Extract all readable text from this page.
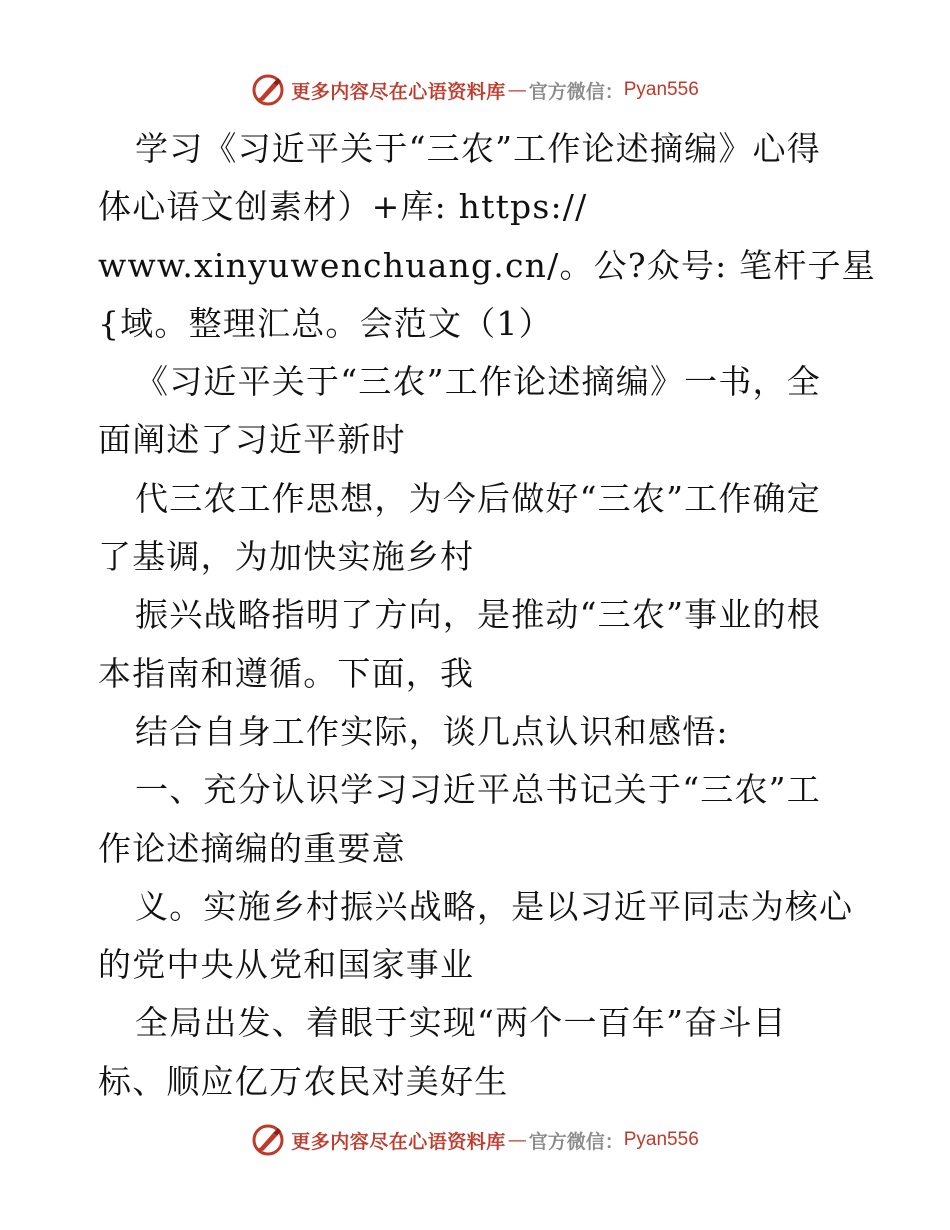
更多内容尽在心语资料库 — 官方微信： Pyan556
学习《习近平关于“三农”工作论述摘编》心得
体心语文创素材）+库: https://
www.xinyuwenchuang.cn/。公?众号: 笔杆子星
{域。整理汇总。会范文（1）
《习近平关于“三农”工作论述摘编》一书，全
面阐述了习近平新时
代三农工作思想，为今后做好“三农”工作确定
了基调，为加快实施乡村
振兴战略指明了方向，是推动“三农”事业的根
本指南和遵循。下面，我
结合自身工作实际，谈几点认识和感悟:
一、充分认识学习习近平总书记关于“三农”工
作论述摘编的重要意
义。实施乡村振兴战略，是以习近平同志为核心
的党中央从党和国家事业
全局出发、着眼于实现“两个一百年”奋斗目
标、顺应亿万农民对美好生
更多内容尽在心语资料库 — 官方微信： Pyan556
